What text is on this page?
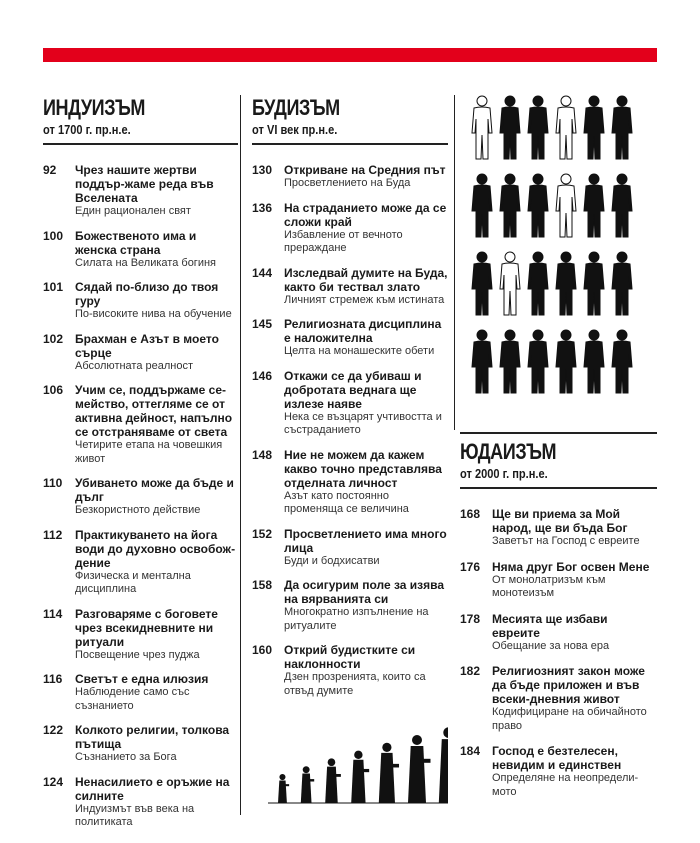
ИНДУИЗЪМ
от 1700 г. пр.н.е.
92	Чрез нашите жертви поддър-жаме реда във Вселената
Един рационален свят
100 Божественото има и женска страна
Силата на Великата богиня
101 Сядай по-близо до твоя гуру
По-високите нива на обучение
102 Брахман е Азът в моето сърце
Абсолютната реалност
106 Учим се, поддържаме се-мейство, оттегляме се от активна дейност, напълно се отстраняваме от света
Четирите етапа на човешкия живот
110	Убиването може да бъде и дълг
Безкористното действие
112	Практикуването на йога води до духовно освобож-дение
Физическа и ментална дисциплина
114	Разговаряме с боговете чрез всекидневните ни ритуали
Посвещение чрез пуджа
116	Светът е една илюзия
Наблюдение само със съзнанието
122 Колкото религии, толкова пътища
Съзнанието за Бога
124 Ненасилието е оръжие на силните
Индуизмът във века на политиката
БУДИЗЪМ
от VI век пр.н.е.
130 Откриване на Средния път
Просветлението на Буда
136 На страданието може да се сложи край
Избавление от вечното прераждане
144 Изследвай думите на Буда, както би тествал злато
Личният стремеж към истината
145 Религиозната дисциплина е наложителна
Целта на монашеските обети
146 Откажи се да убиваш и добротата веднага ще излезе наяве
Нека се възцарят учтивостта и състраданието
148 Ние не можем да кажем какво точно представлява отделната личност
Азът като постоянно променяща се величина
152 Просветлението има много лица
Буди и бодхисатви
158 Да осигурим поле за изява на вярванията си
Многократно изпълнение на ритуалите
160 Открий будистките си наклонности
Дзен прозренията, които са отвъд думите
ЮДАИЗЪМ
от 2000 г. пр.н.е.
168 Ще ви приема за Мой народ, ще ви бъда Бог
Заветът на Господ с евреите
176 Няма друг Бог освен Мене
От монолатризъм към монотеизъм
178 Месията ще избави евреите
Обещание за нова ера
182 Религиозният закон може да бъде приложен и във всеки-дневния живот
Кодифициране на обичайното право
184 Господ е безтелесен, невидим и единствен
Определяне на неопредели-мото
